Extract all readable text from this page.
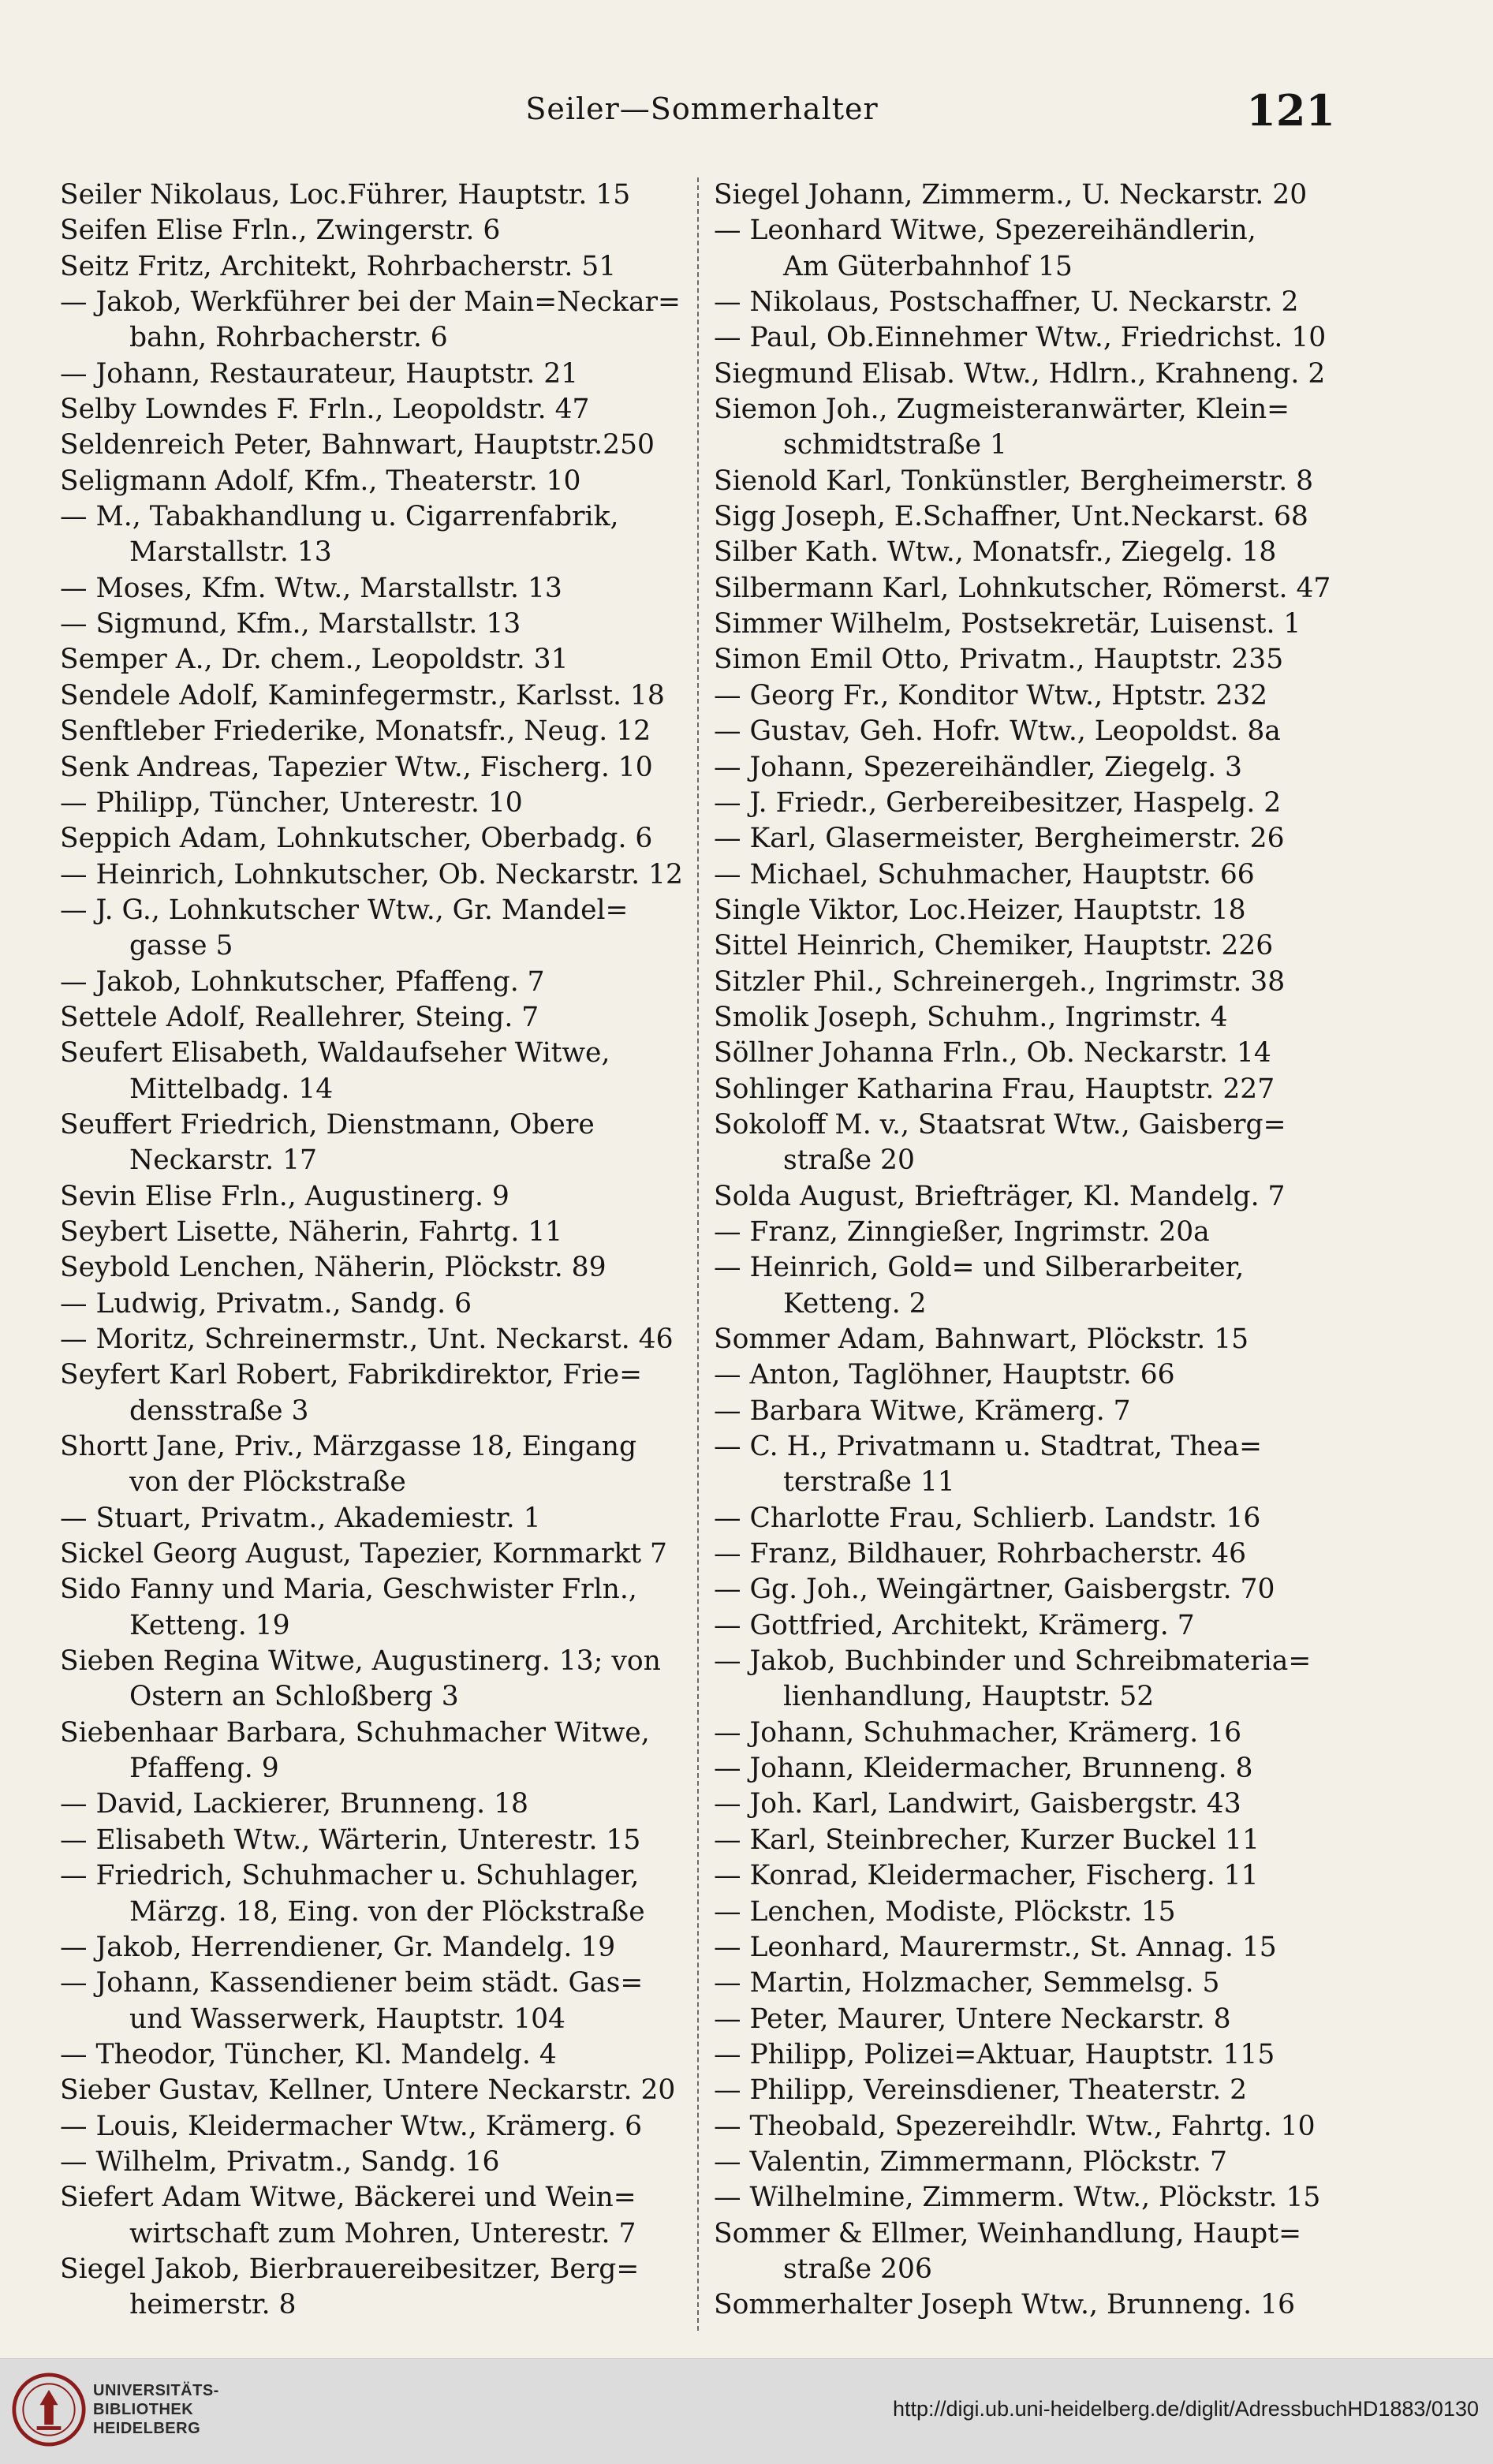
Seiler—Sommerhalter	121
Seiler Nikolaus, Loc.Führer, Hauptstr. 15
Seifen Elise Frln., Zwingerstr. 6
Seitz Fritz, Architekt, Rohrbacherstr. 51
— Jakob, Werkführer bei der Main=Neckar=
bahn, Rohrbacherstr. 6
— Johann, Restaurateur, Hauptstr. 21
Selby Lowndes F. Frln., Leopoldstr. 47
Seldenreich Peter, Bahnwart, Hauptstr.250
Seligmann Adolf, Kfm., Theaterstr. 10
— M., Tabakhandlung u. Cigarrenfabrik,
Marstallstr. 13
— Moses, Kfm. Wtw., Marstallstr. 13
— Sigmund, Kfm., Marstallstr. 13
Semper A., Dr. chem., Leopoldstr. 31
Sendele Adolf, Kaminfegermstr., Karlsst. 18
Senftleber Friederike, Monatsfr., Neug. 12
Senk Andreas, Tapezier Wtw., Fischerg. 10
— Philipp, Tüncher, Unterestr. 10
Seppich Adam, Lohnkutscher, Oberbadg. 6
— Heinrich, Lohnkutscher, Ob. Neckarstr. 12
— J. G., Lohnkutscher Wtw., Gr. Mandel=
gasse 5
— Jakob, Lohnkutscher, Pfaffeng. 7
Settele Adolf, Reallehrer, Steing. 7
Seufert Elisabeth, Waldaufseher Witwe,
Mittelbadg. 14
Seuffert Friedrich, Dienstmann, Obere
Neckarstr. 17
Sevin Elise Frln., Augustinerg. 9
Seybert Lisette, Näherin, Fahrtg. 11
Seybold Lenchen, Näherin, Plöckstr. 89
— Ludwig, Privatm., Sandg. 6
— Moritz, Schreinermstr., Unt. Neckarst. 46
Seyfert Karl Robert, Fabrikdirektor, Frie=
densstraße 3
Shortt Jane, Priv., Märzgasse 18, Eingang
von der Plöckstraße
— Stuart, Privatm., Akademiestr. 1
Sickel Georg August, Tapezier, Kornmarkt 7
Sido Fanny und Maria, Geschwister Frln.,
Ketteng. 19
Sieben Regina Witwe, Augustinerg. 13; von
Ostern an Schloßberg 3
Siebenhaar Barbara, Schuhmacher Witwe,
Pfaffeng. 9
— David, Lackierer, Brunneng. 18
— Elisabeth Wtw., Wärterin, Unterestr. 15
— Friedrich, Schuhmacher u. Schuhlager,
Märzg. 18, Eing. von der Plöckstraße
— Jakob, Herrendiener, Gr. Mandelg. 19
— Johann, Kassendiener beim städt. Gas=
und Wasserwerk, Hauptstr. 104
— Theodor, Tüncher, Kl. Mandelg. 4
Sieber Gustav, Kellner, Untere Neckarstr. 20
— Louis, Kleidermacher Wtw., Krämerg. 6
— Wilhelm, Privatm., Sandg. 16
Siefert Adam Witwe, Bäckerei und Wein=
wirtschaft zum Mohren, Unterestr. 7
Siegel Jakob, Bierbrauereibesitzer, Berg=
heimerstr. 8
Siegel Johann, Zimmerm., U. Neckarstr. 20
— Leonhard Witwe, Spezereihändlerin,
Am Güterbahnhof 15
— Nikolaus, Postschaffner, U. Neckarstr. 2
— Paul, Ob.Einnehmer Wtw., Friedrichst. 10
Siegmund Elisab. Wtw., Hdlrn., Krahneng. 2
Siemon Joh., Zugmeisteranwärter, Klein=
schmidtstraße 1
Sienold Karl, Tonkünstler, Bergheimerstr. 8
Sigg Joseph, E.Schaffner, Unt.Neckarst. 68
Silber Kath. Wtw., Monatsfr., Ziegelg. 18
Silbermann Karl, Lohnkutscher, Römerst. 47
Simmer Wilhelm, Postsekretär, Luisenst. 1
Simon Emil Otto, Privatm., Hauptstr. 235
— Georg Fr., Konditor Wtw., Hptstr. 232
— Gustav, Geh. Hofr. Wtw., Leopoldst. 8a
— Johann, Spezereihändler, Ziegelg. 3
— J. Friedr., Gerbereibesitzer, Haspelg. 2
— Karl, Glasermeister, Bergheimerstr. 26
— Michael, Schuhmacher, Hauptstr. 66
Single Viktor, Loc.Heizer, Hauptstr. 18
Sittel Heinrich, Chemiker, Hauptstr. 226
Sitzler Phil., Schreinergeh., Ingrimstr. 38
Smolik Joseph, Schuhm., Ingrimstr. 4
Söllner Johanna Frln., Ob. Neckarstr. 14
Sohlinger Katharina Frau, Hauptstr. 227
Sokoloff M. v., Staatsrat Wtw., Gaisberg=
straße 20
Solda August, Briefträger, Kl. Mandelg. 7
— Franz, Zinngießer, Ingrimstr. 20a
— Heinrich, Gold= und Silberarbeiter,
Ketteng. 2
Sommer Adam, Bahnwart, Plöckstr. 15
— Anton, Taglöhner, Hauptstr. 66
— Barbara Witwe, Krämerg. 7
— C. H., Privatmann u. Stadtrat, Thea=
terstraße 11
— Charlotte Frau, Schlierb. Landstr. 16
— Franz, Bildhauer, Rohrbacherstr. 46
— Gg. Joh., Weingärtner, Gaisbergstr. 70
— Gottfried, Architekt, Krämerg. 7
— Jakob, Buchbinder und Schreibmateria=
lienhandlung, Hauptstr. 52
— Johann, Schuhmacher, Krämerg. 16
— Johann, Kleidermacher, Brunneng. 8
— Joh. Karl, Landwirt, Gaisbergstr. 43
— Karl, Steinbrecher, Kurzer Buckel 11
— Konrad, Kleidermacher, Fischerg. 11
— Lenchen, Modiste, Plöckstr. 15
— Leonhard, Maurermstr., St. Annag. 15
— Martin, Holzmacher, Semmelsg. 5
— Peter, Maurer, Untere Neckarstr. 8
— Philipp, Polizei=Aktuar, Hauptstr. 115
— Philipp, Vereinsdiener, Theaterstr. 2
— Theobald, Spezereihdlr. Wtw., Fahrtg. 10
— Valentin, Zimmermann, Plöckstr. 7
— Wilhelmine, Zimmerm. Wtw., Plöckstr. 15
Sommer & Ellmer, Weinhandlung, Haupt=
straße 206
Sommerhalter Joseph Wtw., Brunneng. 16
UNIVERSITÄTS-
BIBLIOTHEK
HEIDELBERG
http://digi.ub.uni-heidelberg.de/diglit/AdressbuchHD1883/0130
